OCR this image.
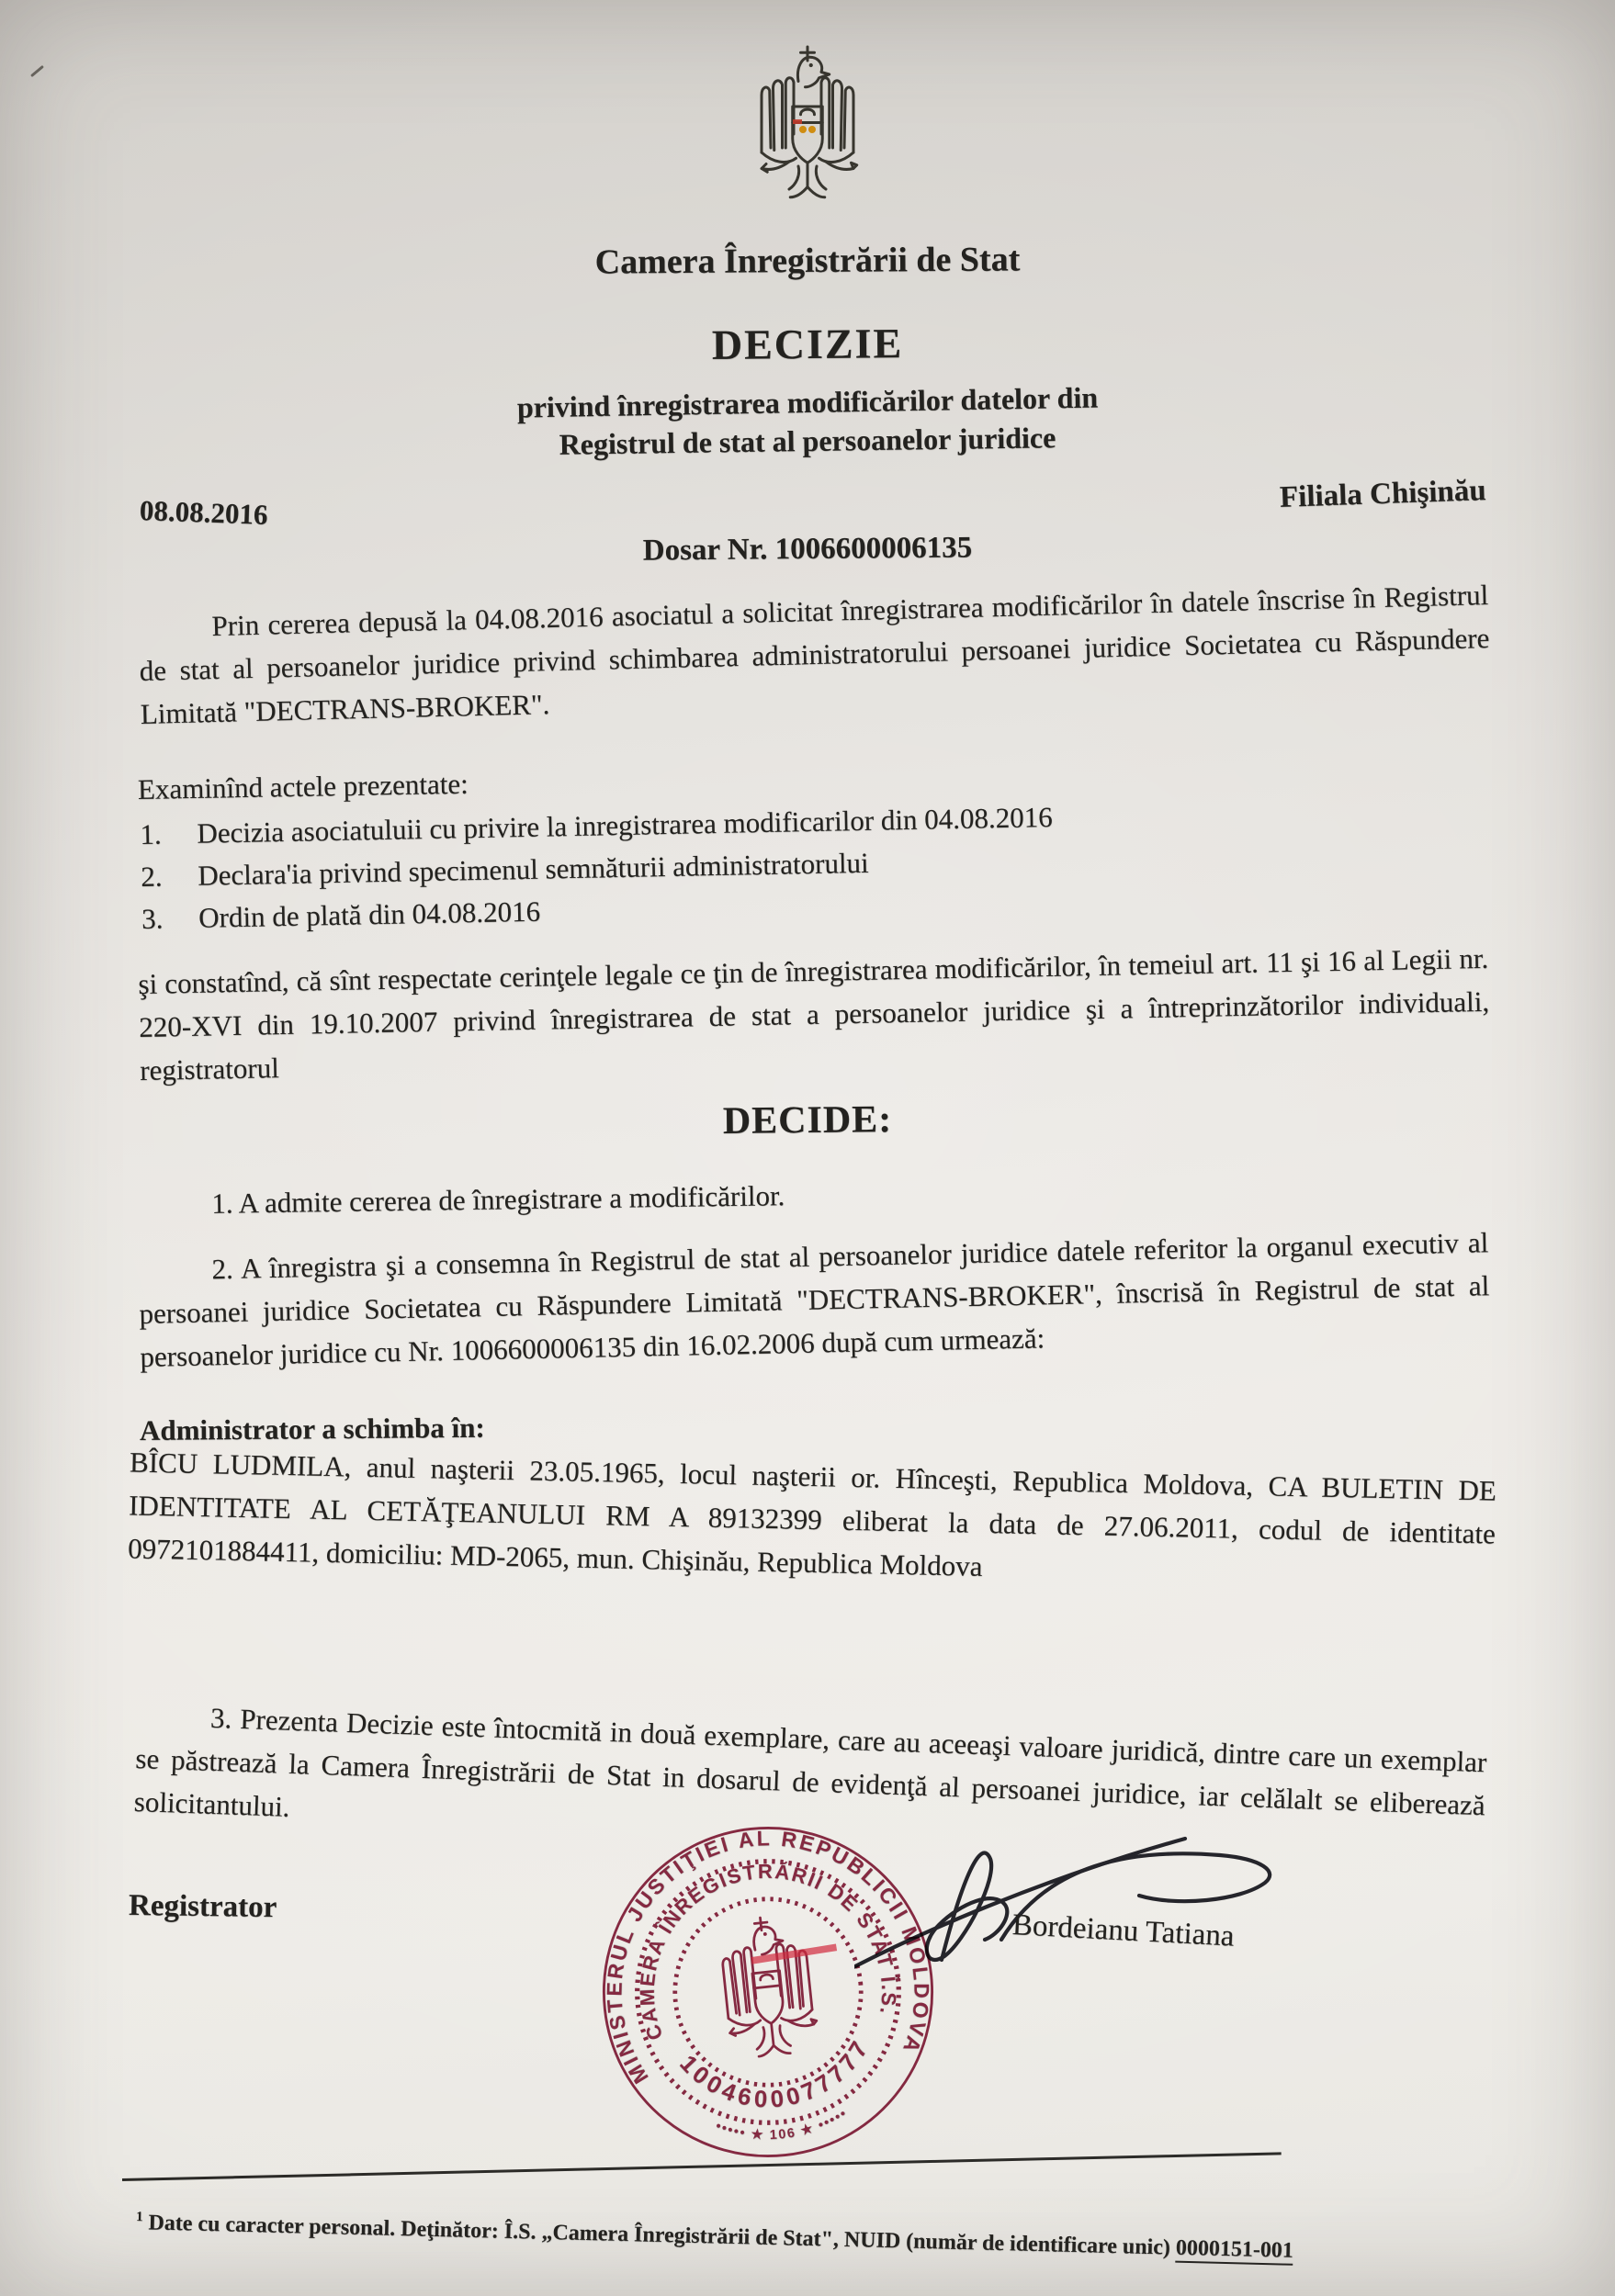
Camera Înregistrării de Stat
DECIZIE
privind înregistrarea modificărilor datelor din
Registrul de stat al persoanelor juridice
08.08.2016	Filiala Chişinău
Dosar Nr. 1006600006135
Prin cererea depusă la 04.08.2016 asociatul a solicitat înregistrarea modificărilor în datele înscrise în Registrul de stat al persoanelor juridice privind schimbarea administratorului persoanei juridice Societatea cu Răspundere Limitată "DECTRANS-BROKER".
Examinînd actele prezentate:
1.	Decizia asociatuluii cu privire la inregistrarea modificarilor din 04.08.2016
2.	Declara'ia privind specimenul semnăturii administratorului
3.	Ordin de plată din 04.08.2016
şi constatînd, că sînt respectate cerinţele legale ce ţin de înregistrarea modificărilor, în temeiul art. 11 şi 16 al Legii nr. 220-XVI din 19.10.2007 privind înregistrarea de stat a persoanelor juridice şi a întreprinzătorilor individuali, registratorul
DECIDE:
1. A admite cererea de înregistrare a modificărilor.
2. A înregistra şi a consemna în Registrul de stat al persoanelor juridice datele referitor la organul executiv al persoanei juridice Societatea cu Răspundere Limitată "DECTRANS-BROKER", înscrisă în Registrul de stat al persoanelor juridice cu Nr. 1006600006135 din 16.02.2006 după cum urmează:
Administrator a schimba în:
BÎCU LUDMILA, anul naşterii 23.05.1965, locul naşterii or. Hînceşti, Republica Moldova, CA BULETIN DE IDENTITATE AL CETĂŢEANULUI RM A 89132399 eliberat la data de 27.06.2011, codul de identitate 0972101884411, domiciliu: MD-2065, mun. Chişinău, Republica Moldova
3. Prezenta Decizie este întocmită in două exemplare, care au aceeaşi valoare juridică, dintre care un exemplar se păstrează la Camera Înregistrării de Stat in dosarul de evidenţă al persoanei juridice, iar celălalt se eliberează solicitantului.
Registrator
MINISTERUL JUSTIŢIEI AL REPUBLICII MOLDOVA
CAMERA ÎNREGISTRĂRII DE STAT Î.S.
1004600077777
••••• ★ 106 ★ •••••
Bordeianu Tatiana
$^1$ Date cu caracter personal. Deţinător: Î.S. „Camera Înregistrării de Stat", NUID (număr de identificare unic) 0000151-001
